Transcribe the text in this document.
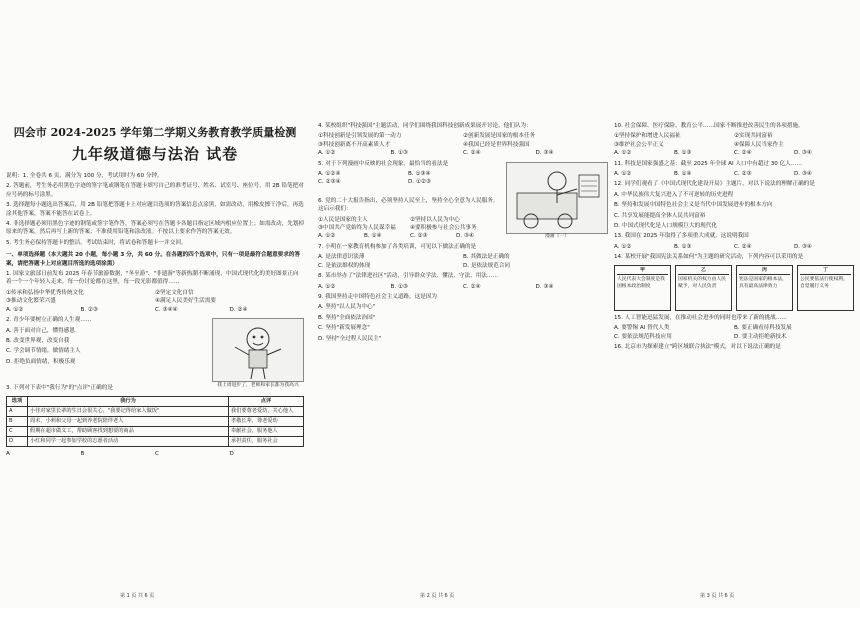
四会市 2024-2025 学年第二学期义务教育教学质量检测
九年级道德与法治 试卷
说明：1. 全卷共 6 页，满分为 100 分，考试用时为 60 分钟。
2. 答题前，考生务必用黑色字迹的签字笔或钢笔在答题卡填写自己的准考证号、姓名、试室号、座位号，用 2B 铅笔把对应号码的标号涂黑。
3. 选择题每小题选出答案后，用 2B 铅笔把答题卡上对应题目选项的答案信息点涂黑，如需改动，用橡皮擦干净后，再选涂其他答案，答案不能答在试卷上。
4. 非选择题必须用黑色字迹的钢笔或签字笔作答，答案必须写在答题卡各题目指定区域内相应位置上；如需改动，先划掉原来的答案，然后再写上新的答案；不准使用铅笔和涂改液。不按以上要求作答的答案无效。
5. 考生务必保持答题卡的整洁。考试结束时，将试卷和答题卡一并交回。
一、单项选择题（本大题共 20 小题，每小题 3 分，共 60 分。在各题的四个选项中，只有一项是最符合题意要求的答案，请把答题卡上对应题目所选的选项涂黑）
1. 国家文旅部日前发布 2025 年春节旅游数据，"冬至游"、"非遗游"等新热潮不断涌现，中国式现代化的美好图景正向着一个一个年轻人走来。每一份讨论都在这里，每一段光影都值得……
①传承和弘扬中华优秀传统文化	②坚定文化自信
③推动文化繁荣兴盛	④满足人民美好生活需要
A. ①②	B. ②③	C. ③④④	D. ②④
我上周进步了，老师和家长都为我高兴
2. 青少年要树立正确的人生观……
A. 善于面对自己，懂得感恩
B. 改变世界观，改变自我
C. 学会调节情绪，做情绪主人
D. 拒绝负面情绪，积极乐观
3. 下列对下表中"我行为"的"点评"正确的是
选项	我行为	点评
A	小佳对家里长辈的生日会很关心，"我要记得给家人做饭"	我们要尊老爱幼，关心他人
B	周末，小莉和父母一起到养老院陪伴老人	孝敬长辈，尊老爱幼
C	假期在超市做义工，帮助顾客找到想要的商品	奉献社会，服务他人
D	小红和同学一起参加学校的志愿者活动	承担责任，服务社会
A	B	C	D
4. 某校组织"科技强国"主题活动，同学们围绕我国科技创新成果展开讨论，他们认为：
①科技创新是引领发展的第一动力	②创新发展是国家的根本任务
③科技创新离不开高素质人才	④我国已经是世界科技强国
A. ①②	B. ①③	C. ②④	D. ③④
漫画（一）
5. 对于下列漫画中反映的社会现象，最恰当的看法是
A. ①②④	B. ①③④
C. ②③④	D. ①②③
6. 党的二十大报告指出，必须坚持人民至上，坚持全心全意为人民服务。这启示我们：
①人民是国家的主人	②坚持以人民为中心
③中国共产党始终为人民谋幸福	④要积极参与社会公共事务
A. ①②	B. ①④	C. ②③	D. ③④
7. 小明在一家教育机构参加了各类培训，可见以下做法正确的是
A. 是法律意识淡薄	B. 其做法是正确的
C. 是依法维权的体现	D. 是依法规范合同
8. 某市举办了"法律进社区"活动，引导群众学法、懂法、守法、用法……
A. ①②	B. ①③	C. ②④	D. ③④
9. 我国坚持走中国特色社会主义道路，这是因为
A. 坚持"以人民为中心"
B. 坚持"全面依法治国"
C. 坚持"新发展理念"
D. 坚持"全过程人民民主"
10. 社会保障、医疗保险、教育公平……国家不断推进改善民生的各项措施。
①坚持保护和增进人民福祉	②实现共同富裕
③维护社会公平正义	④保障人民当家作主
A. ①②	B. ①③	C. ②④	D. ③④
11. 科技是国家强盛之基：截至 2025 年全球 AI 人口中有超过 30 亿人……
A. ①②	B. ①④	C. ②③	D. ③④
12. 同学们观看了《中国式现代化建设开局》主题片，对以下说法的理解正确的是
A. 中华民族伟大复兴进入了不可逆转的历史进程
B. 坚持和发展中国特色社会主义是当代中国发展进步的根本方向
C. 共享发展能提高全体人民共同富裕
D. 中国式现代化是人口规模巨大的现代化
13. 我国在 2025 年取得了多项重大成就，这说明我国
A. ①②	B. ①③	C. ②④	D. ③④
14. 某校开展"我国宪法关系如何"为主题的研究活动，下列内容可以采用的是
甲
人民代表大会制度是我国根本政治制度
乙
国家机关的权力由人民赋予，对人民负责
丙
宪法是国家的根本法，具有最高法律效力
丁
公民要依法行使权利，自觉履行义务
15. 人工智能迅猛发展，在推动社会进步的同时也带来了新的挑战……
A. 要警惕 AI 替代人类	B. 要正确看待科技发展
C. 要依法规范科技应用	D. 要主动拒绝新技术
16. 北京市为探索建立"跨区域联合执法"模式，对以下说法正确的是
第 1 页 共 6 页	第 2 页 共 6 页	第 3 页 共 6 页
